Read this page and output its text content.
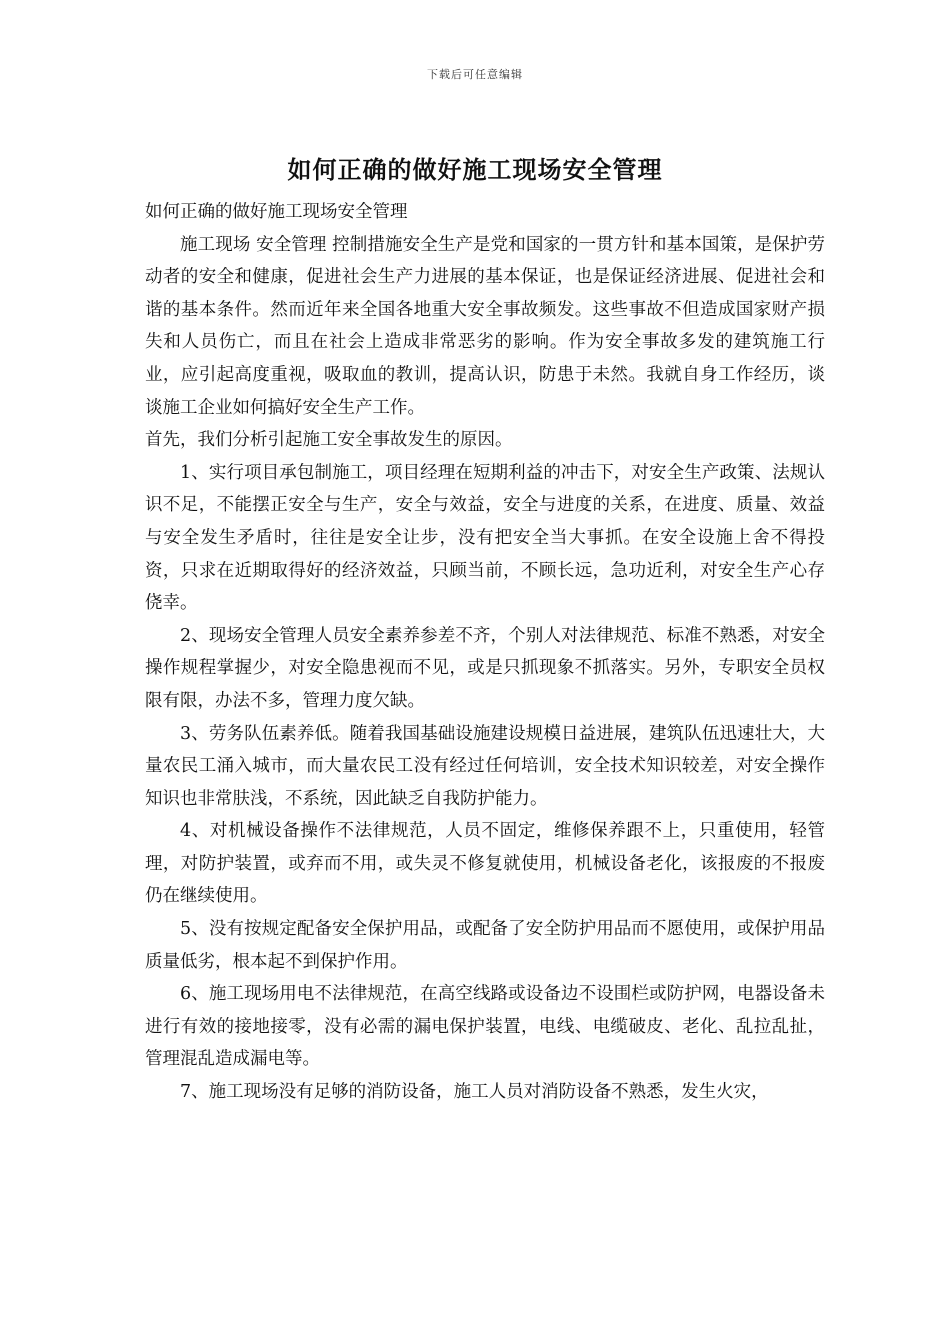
下载后可任意编辑
如何正确的做好施工现场安全管理

如何正确的做好施工现场安全管理

施工现场 安全管理 控制措施安全生产是党和国家的一贯方针和基本国策，是保护劳动者的安全和健康，促进社会生产力进展的基本保证，也是保证经济进展、促进社会和谐的基本条件。然而近年来全国各地重大安全事故频发。这些事故不但造成国家财产损失和人员伤亡，而且在社会上造成非常恶劣的影响。作为安全事故多发的建筑施工行业，应引起高度重视，吸取血的教训，提高认识，防患于未然。我就自身工作经历，谈谈施工企业如何搞好安全生产工作。

首先，我们分析引起施工安全事故发生的原因。

1、实行项目承包制施工，项目经理在短期利益的冲击下，对安全生产政策、法规认识不足，不能摆正安全与生产，安全与效益，安全与进度的关系，在进度、质量、效益与安全发生矛盾时，往往是安全让步，没有把安全当大事抓。在安全设施上舍不得投资，只求在近期取得好的经济效益，只顾当前，不顾长远，急功近利，对安全生产心存侥幸。

2、现场安全管理人员安全素养参差不齐，个别人对法律规范、标准不熟悉，对安全操作规程掌握少，对安全隐患视而不见，或是只抓现象不抓落实。另外，专职安全员权限有限，办法不多，管理力度欠缺。

3、劳务队伍素养低。随着我国基础设施建设规模日益进展，建筑队伍迅速壮大，大量农民工涌入城市，而大量农民工没有经过任何培训，安全技术知识较差，对安全操作知识也非常肤浅，不系统，因此缺乏自我防护能力。

4、对机械设备操作不法律规范，人员不固定，维修保养跟不上，只重使用，轻管理，对防护装置，或弃而不用，或失灵不修复就使用，机械设备老化，该报废的不报废仍在继续使用。

5、没有按规定配备安全保护用品，或配备了安全防护用品而不愿使用，或保护用品质量低劣，根本起不到保护作用。

6、施工现场用电不法律规范，在高空线路或设备边不设围栏或防护网，电器设备未进行有效的接地接零，没有必需的漏电保护装置，电线、电缆破皮、老化、乱拉乱扯，管理混乱造成漏电等。

7、施工现场没有足够的消防设备，施工人员对消防设备不熟悉，发生火灾，
